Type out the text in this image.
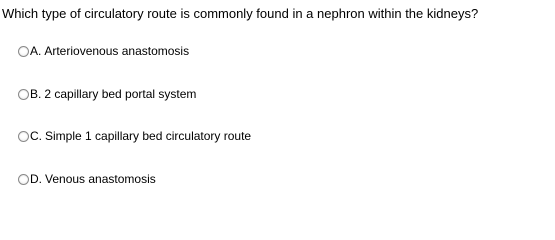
Which type of circulatory route is commonly found in a nephron within the kidneys?
A. Arteriovenous anastomosis
B. 2 capillary bed portal system
C. Simple 1 capillary bed circulatory route
D. Venous anastomosis
